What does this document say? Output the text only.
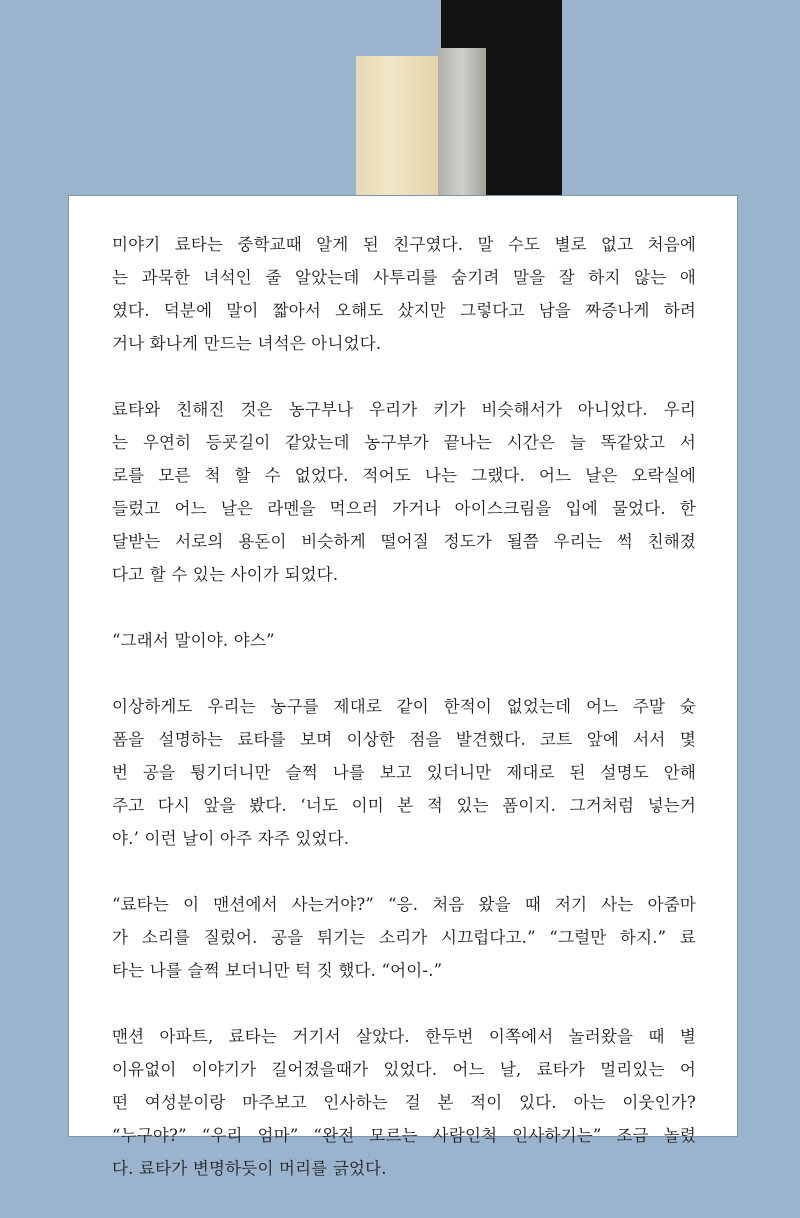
미야기 료타는 중학교때 알게 된 친구였다. 말 수도 별로 없고 처음에
는 과묵한 녀석인 줄 알았는데 사투리를 숨기려 말을 잘 하지 않는 애
였다. 덕분에 말이 짧아서 오해도 샀지만 그렇다고 남을 짜증나게 하려
거나 화나게 만드는 녀석은 아니었다.

료타와 친해진 것은 농구부나 우리가 키가 비슷해서가 아니었다. 우리
는 우연히 등굣길이 같았는데 농구부가 끝나는 시간은 늘 똑같았고 서
로를 모른 척 할 수 없었다. 적어도 나는 그랬다. 어느 날은 오락실에
들렀고 어느 날은 라멘을 먹으러 가거나 아이스크림을 입에 물었다. 한
달받는 서로의 용돈이 비슷하게 떨어질 정도가 될쯤 우리는 썩 친해졌
다고 할 수 있는 사이가 되었다.

“그래서 말이야. 야스”

이상하게도 우리는 농구를 제대로 같이 한적이 없었는데 어느 주말 슛
폼을 설명하는 료타를 보며 이상한 점을 발견했다. 코트 앞에 서서 몇
번 공을 튕기더니만 슬쩍 나를 보고 있더니만 제대로 된 설명도 안해
주고 다시 앞을 봤다. ‘너도 이미 본 적 있는 폼이지. 그거처럼 넣는거
야.’ 이런 날이 아주 자주 있었다.

“료타는 이 맨션에서 사는거야?” “응. 처음 왔을 때 저기 사는 아줌마
가 소리를 질렀어. 공을 튀기는 소리가 시끄럽다고.” “그럴만 하지.” 료
타는 나를 슬쩍 보더니만 턱 짓 했다. “어이-.”

맨션 아파트, 료타는 거기서 살았다. 한두번 이쪽에서 놀러왔을 때 별
이유없이 이야기가 길어졌을때가 있었다. 어느 날, 료타가 멀리있는 어
떤 여성분이랑 마주보고 인사하는 걸 본 적이 있다. 아는 이웃인가?
“누구야?” “우리 엄마” “완전 모르는 사람인척 인사하기는” 조금 놀렸
다. 료타가 변명하듯이 머리를 긁었다.
